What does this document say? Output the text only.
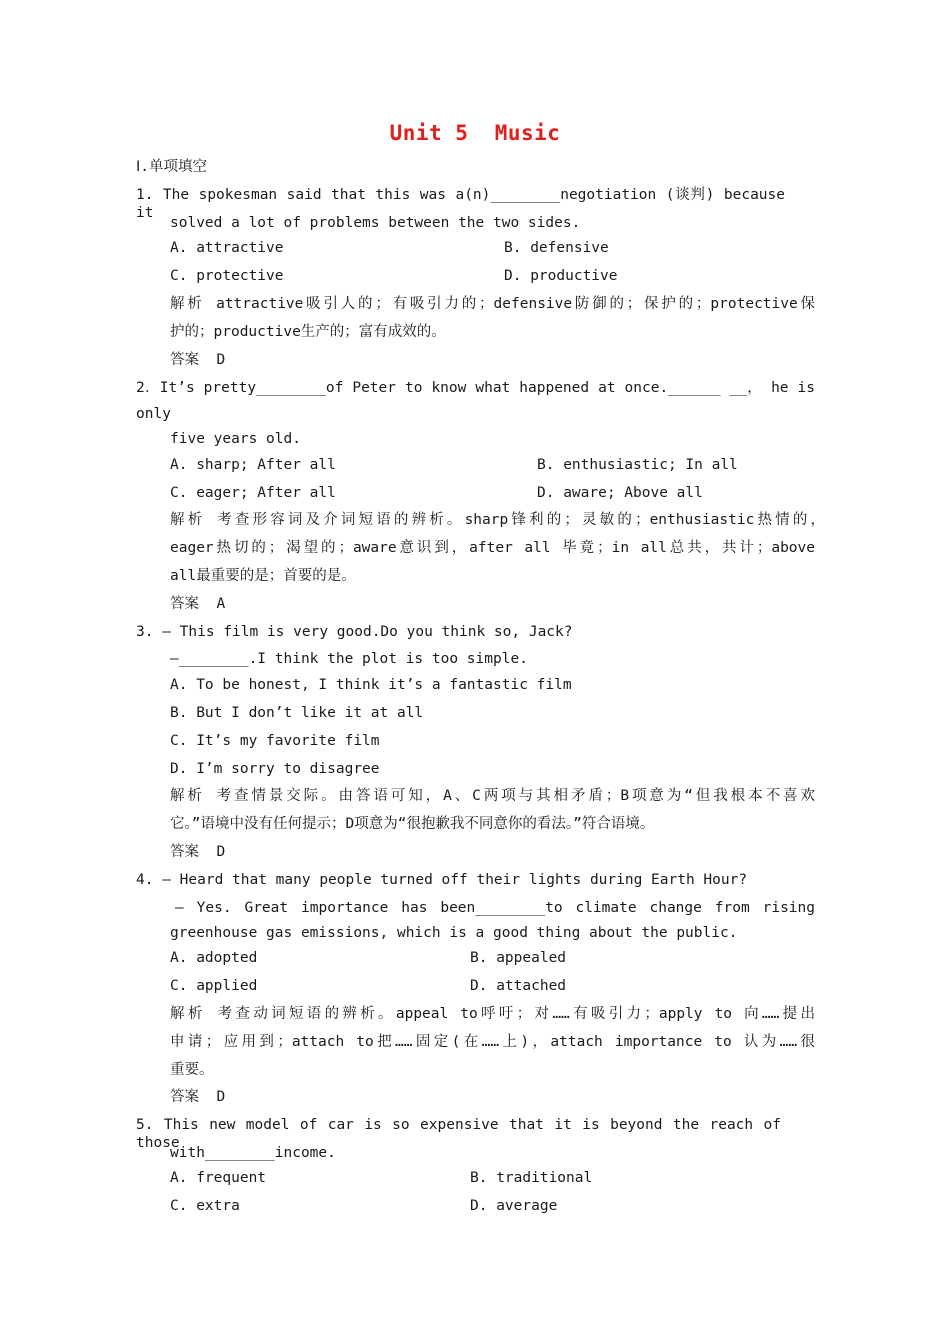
Unit 5  Music
Ⅰ.单项填空
1. The spokesman said that this was a(n)________negotiation (谈判) because it
solved a lot of problems between the two sides.
A. attractive	B. defensive
C. protective	D. productive
解析 attractive吸引人的；有吸引力的；defensive防御的；保护的；protective保
护的；productive生产的；富有成效的。
答案  D
2．It’s pretty________of Peter to know what happened at once.______ __， he is
only
five years old.
A. sharp; After all	B. enthusiastic; In all
C. eager; After all	D. aware; Above all
解析 考查形容词及介词短语的辨析。sharp锋利的；灵敏的；enthusiastic热情的，
eager热切的；渴望的；aware意识到，after all 毕竟；in all总共，共计；above
all最重要的是；首要的是。
答案  A
3. — This film is very good.Do you think so, Jack?
—________.I think the plot is too simple.
A. To be honest, I think it’s a fantastic film
B. But I don’t like it at all
C. It’s my favorite film
D. I’m sorry to disagree
解析 考查情景交际。由答语可知，A、C两项与其相矛盾；B项意为“但我根本不喜欢
它。”语境中没有任何提示；D项意为“很抱歉我不同意你的看法。”符合语境。
答案  D
4. — Heard that many people turned off their lights during Earth Hour?
— Yes. Great importance has been________to climate change from rising
greenhouse gas emissions, which is a good thing about the public.
A. adopted	B. appealed
C. applied	D. attached
解析 考查动词短语的辨析。appeal to呼吁；对……有吸引力；apply to 向……提出
申请；应用到；attach to把……固定(在……上)，attach importance to 认为……很
重要。
答案  D
5. This new model of car is so expensive that it is beyond the reach of those
with________income.
A. frequent	B. traditional
C. extra	D. average
